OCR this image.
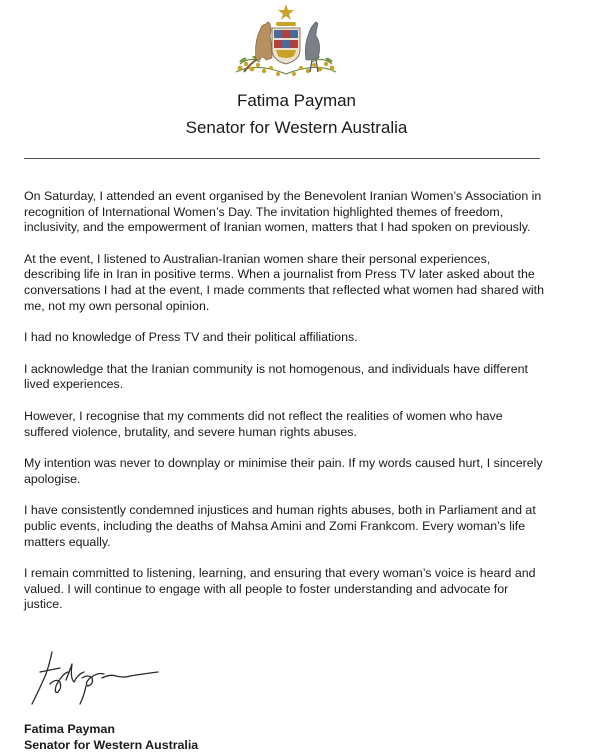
Fatima Payman
Senator for Western Australia

On Saturday, I attended an event organised by the Benevolent Iranian Women’s Association in recognition of International Women’s Day. The invitation highlighted themes of freedom, inclusivity, and the empowerment of Iranian women, matters that I had spoken on previously.

At the event, I listened to Australian-Iranian women share their personal experiences, describing life in Iran in positive terms. When a journalist from Press TV later asked about the conversations I had at the event, I made comments that reflected what women had shared with me, not my own personal opinion.

I had no knowledge of Press TV and their political affiliations.

I acknowledge that the Iranian community is not homogenous, and individuals have different lived experiences.

However, I recognise that my comments did not reflect the realities of women who have suffered violence, brutality, and severe human rights abuses.

My intention was never to downplay or minimise their pain. If my words caused hurt, I sincerely apologise.

I have consistently condemned injustices and human rights abuses, both in Parliament and at public events, including the deaths of Mahsa Amini and Zomi Frankcom. Every woman’s life matters equally.

I remain committed to listening, learning, and ensuring that every woman’s voice is heard and valued. I will continue to engage with all people to foster understanding and advocate for justice.

Fatima Payman
Senator for Western Australia
